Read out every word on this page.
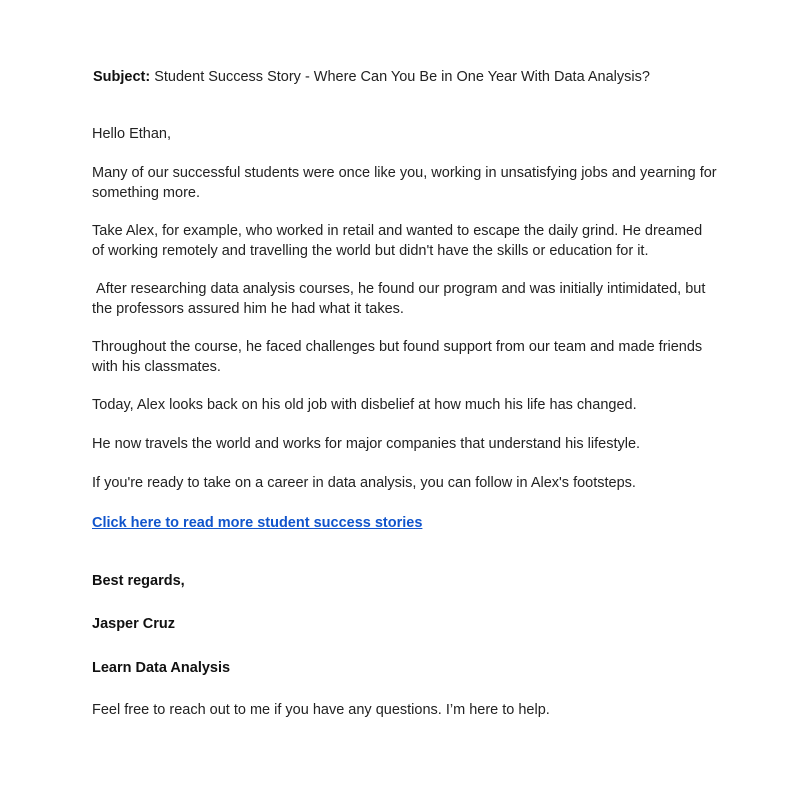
Subject: Student Success Story - Where Can You Be in One Year With Data Analysis?

Hello Ethan,

Many of our successful students were once like you, working in unsatisfying jobs and yearning for something more.

Take Alex, for example, who worked in retail and wanted to escape the daily grind. He dreamed of working remotely and travelling the world but didn't have the skills or education for it.

After researching data analysis courses, he found our program and was initially intimidated, but the professors assured him he had what it takes.

Throughout the course, he faced challenges but found support from our team and made friends with his classmates.

Today, Alex looks back on his old job with disbelief at how much his life has changed.

He now travels the world and works for major companies that understand his lifestyle.

If you're ready to take on a career in data analysis, you can follow in Alex's footsteps.

Click here to read more student success stories
Best regards,
Jasper Cruz
Learn Data Analysis

Feel free to reach out to me if you have any questions. I’m here to help.
